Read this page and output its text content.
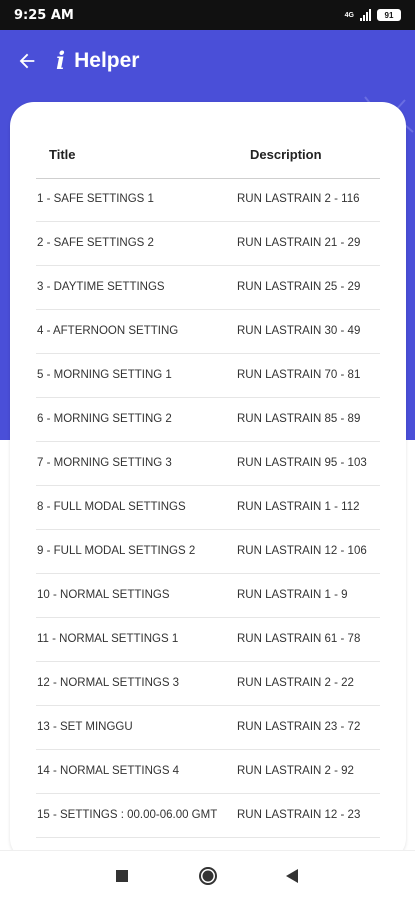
9:25 AM	4G	91
i Helper
Title	Description
1 - SAFE SETTINGS 1	RUN LASTRAIN 2 - 116
2 - SAFE SETTINGS 2	RUN LASTRAIN 21 - 29
3 - DAYTIME SETTINGS	RUN LASTRAIN 25 - 29
4 - AFTERNOON SETTING	RUN LASTRAIN 30 - 49
5 - MORNING SETTING 1	RUN LASTRAIN 70 - 81
6 - MORNING SETTING 2	RUN LASTRAIN 85 - 89
7 - MORNING SETTING 3	RUN LASTRAIN 95 - 103
8 - FULL MODAL SETTINGS	RUN LASTRAIN 1 - 112
9 - FULL MODAL SETTINGS 2	RUN LASTRAIN 12 - 106
10 - NORMAL SETTINGS	RUN LASTRAIN 1 - 9
11 - NORMAL SETTINGS 1	RUN LASTRAIN 61 - 78
12 - NORMAL SETTINGS 3	RUN LASTRAIN 2 - 22
13 - SET MINGGU	RUN LASTRAIN 23 - 72
14 - NORMAL SETTINGS 4	RUN LASTRAIN 2 - 92
15 - SETTINGS : 00.00-06.00 GMT RUN LASTRAIN 12 - 23
